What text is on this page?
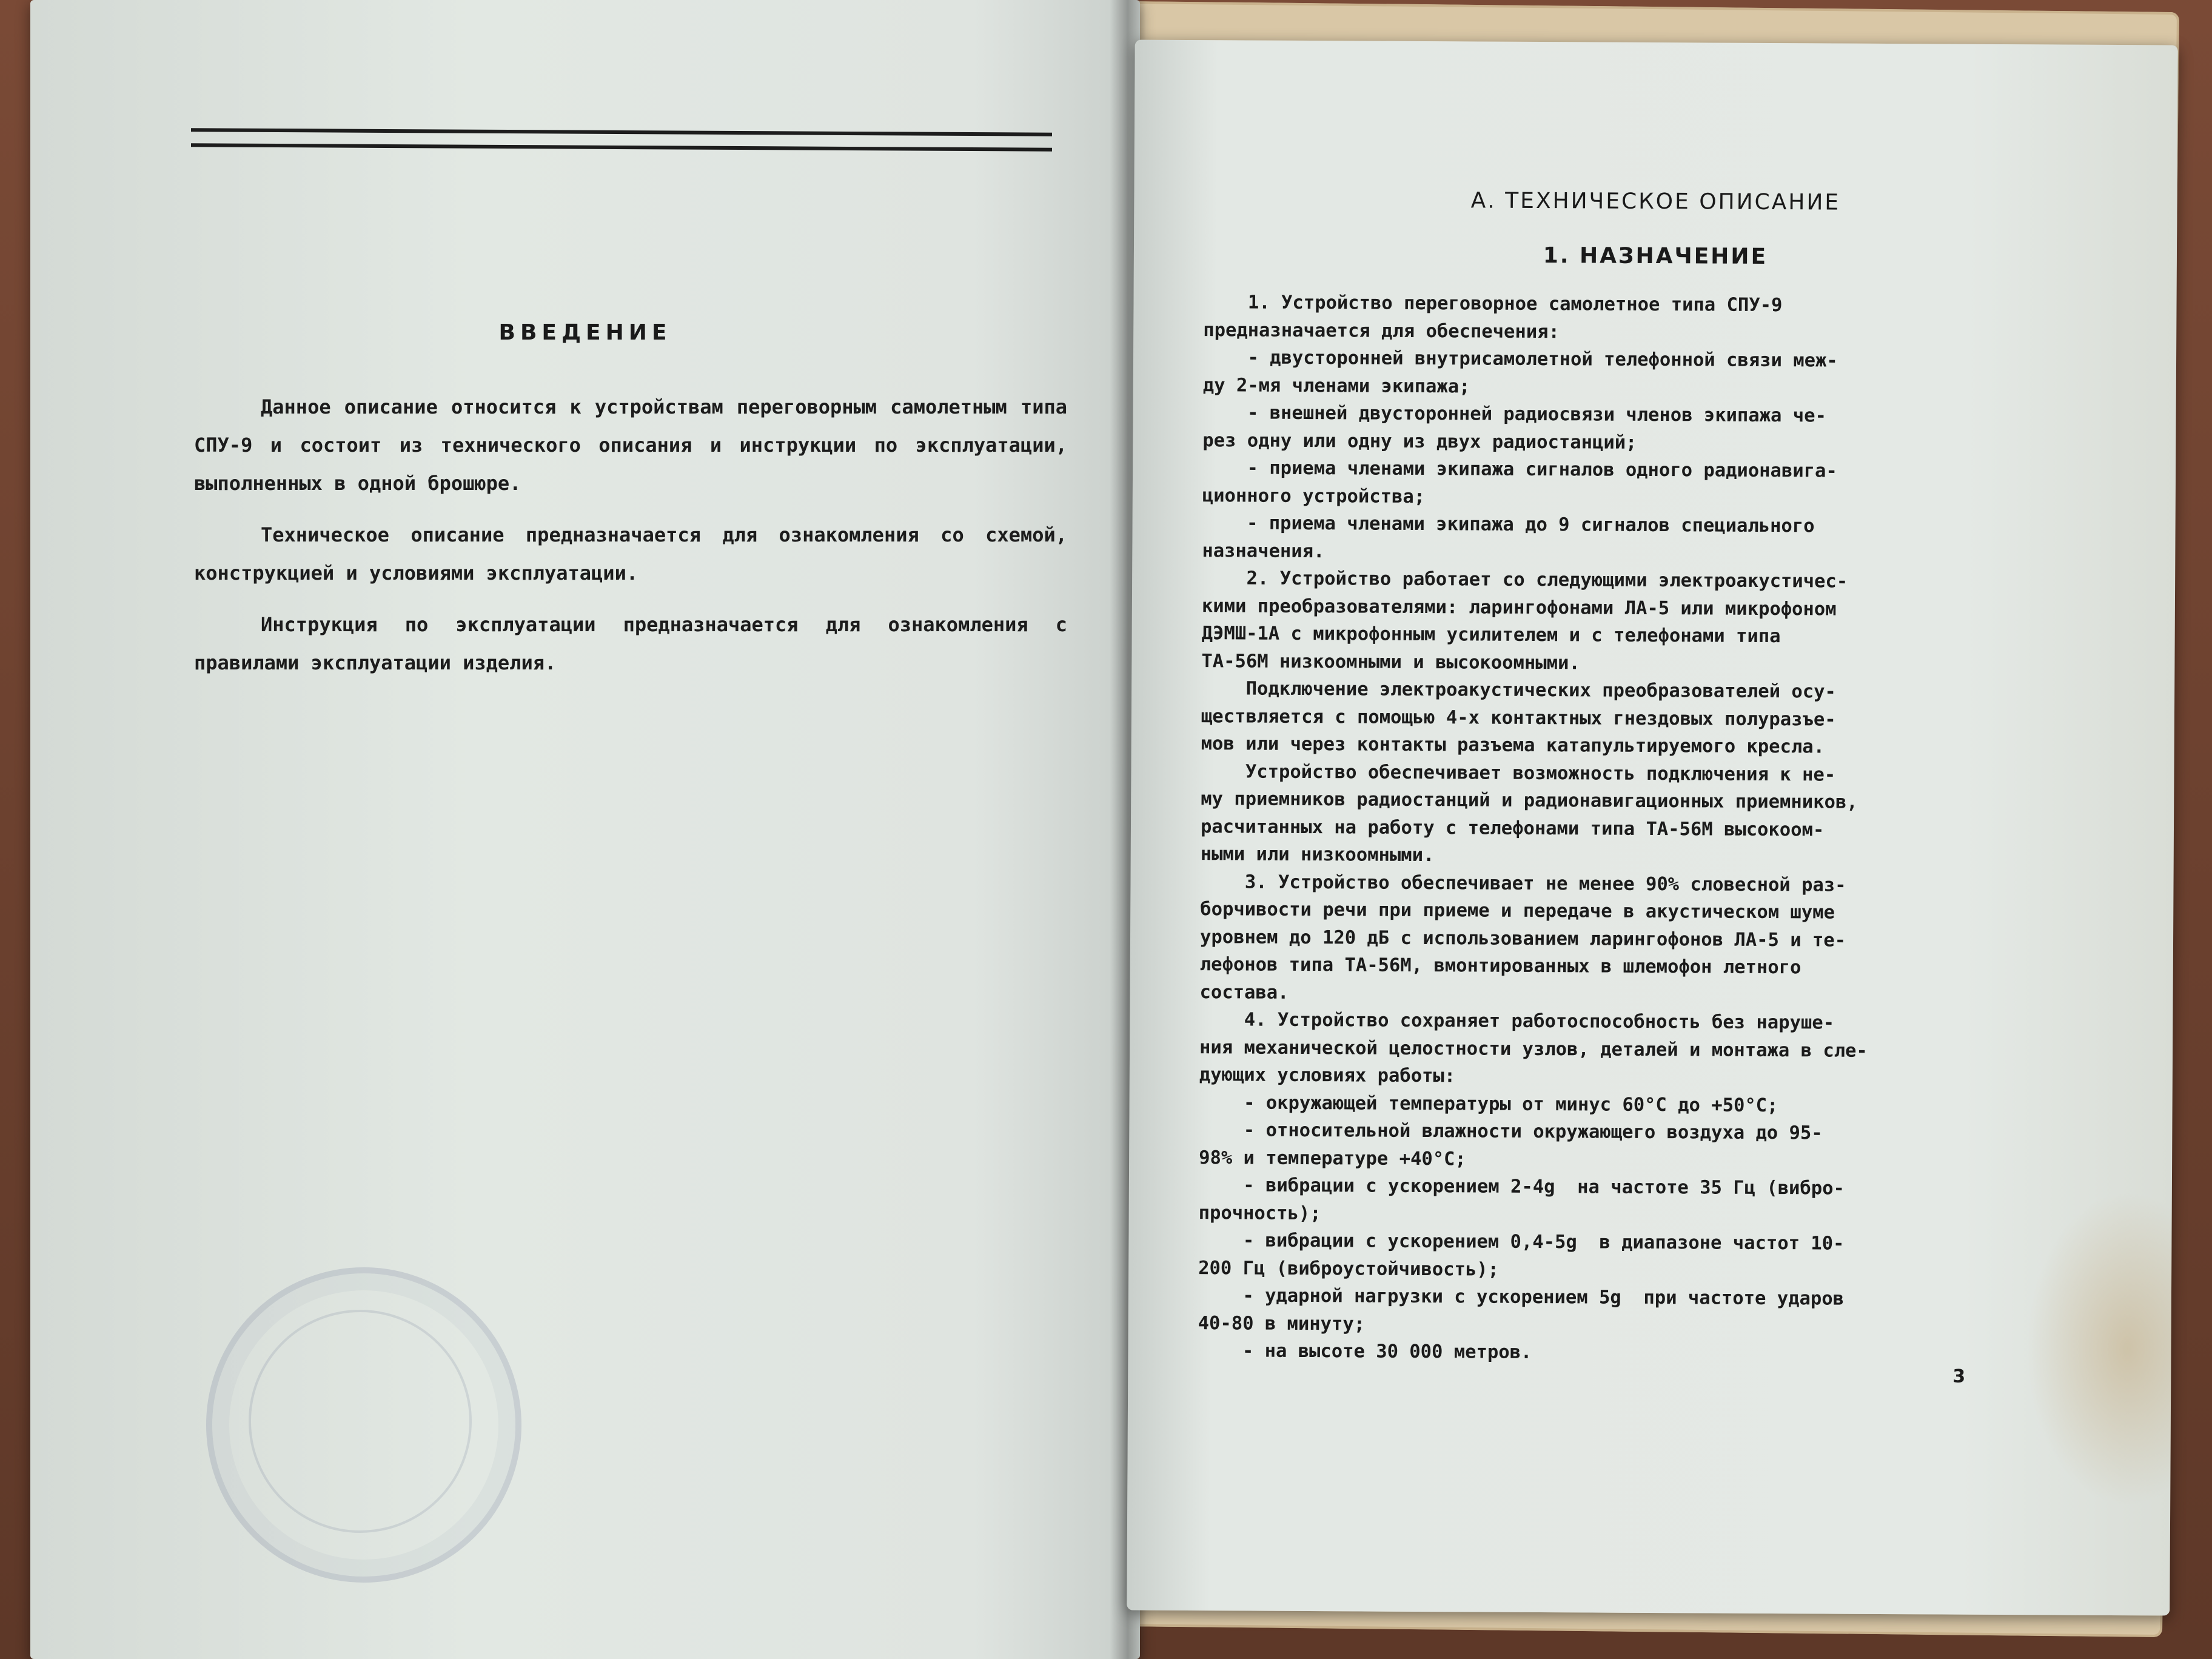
ВВЕДЕНИЕ

Данное описание относится к устройствам переговорным самолетным типа СПУ-9 и состоит из технического описания и инструкции по эксплуатации, выполненных в одной брошюре.

Техническое описание предназначается для ознакомления со схемой, конструкцией и условиями эксплуатации.

Инструкция по эксплуатации предназначается для ознакомления с правилами эксплуатации изделия.

А. ТЕХНИЧЕСКОЕ ОПИСАНИЕ
1. НАЗНАЧЕНИЕ
1. Устройство переговорное самолетное типа СПУ-9
предназначается для обеспечения:
- двусторонней внутрисамолетной телефонной связи меж-
ду 2-мя членами экипажа;
- внешней двусторонней радиосвязи членов экипажа че-
рез одну или одну из двух радиостанций;
- приема членами экипажа сигналов одного радионавига-
ционного устройства;
- приема членами экипажа до 9 сигналов специального
назначения.
2. Устройство работает со следующими электроакустичес-
кими преобразователями: ларингофонами ЛА-5 или микрофоном
ДЭМШ-1А с микрофонным усилителем и с телефонами типа
ТА-56М низкоомными и высокоомными.
Подключение электроакустических преобразователей осу-
ществляется с помощью 4-х контактных гнездовых полуразъе-
мов или через контакты разъема катапультируемого кресла.
Устройство обеспечивает возможность подключения к не-
му приемников радиостанций и радионавигационных приемников,
расчитанных на работу с телефонами типа ТА-56М высокоом-
ными или низкоомными.
3. Устройство обеспечивает не менее 90% словесной раз-
борчивости речи при приеме и передаче в акустическом шуме
уровнем до 120 дБ с использованием ларингофонов ЛА-5 и те-
лефонов типа ТА-56М, вмонтированных в шлемофон летного
состава.
4. Устройство сохраняет работоспособность без наруше-
ния механической целостности узлов, деталей и монтажа в сле-
дующих условиях работы:
- окружающей температуры от минус 60°С до +50°С;
- относительной влажности окружающего воздуха до 95-
98% и температуре +40°С;
- вибрации с ускорением 2-4g  на частоте 35 Гц (вибро-
прочность);
- вибрации с ускорением 0,4-5g  в диапазоне частот 10-
200 Гц (виброустойчивость);
- ударной нагрузки с ускорением 5g  при частоте ударов
40-80 в минуту;
- на высоте 30 000 метров.
3
